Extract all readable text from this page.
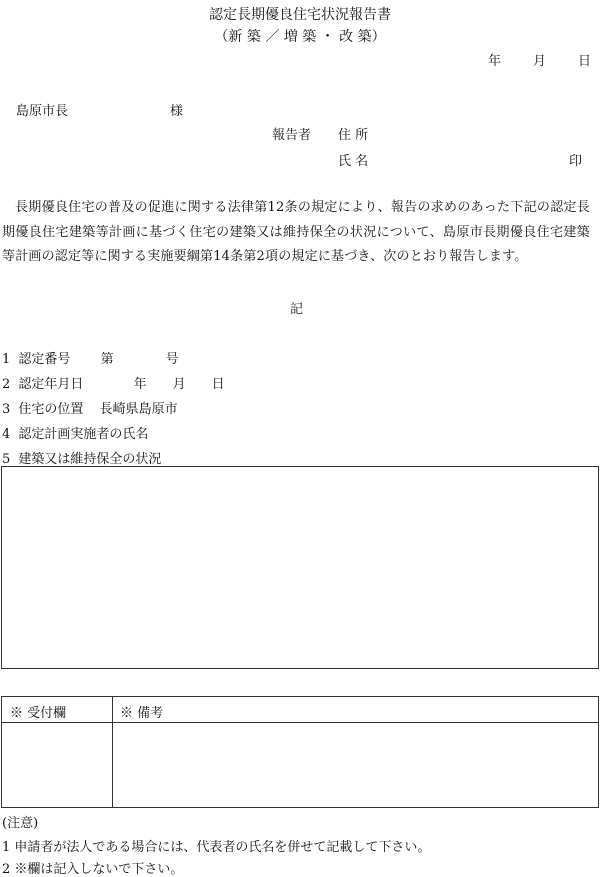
認定長期優良住宅状況報告書
（新 築 ／ 増 築 ・ 改 築）
年 月 日
島原市長	様
報告者 住 所
氏 名	印
長期優良住宅の普及の促進に関する法律第12条の規定により、報告の求めのあった下記の認定長期優良住宅建築等計画に基づく住宅の建築又は維持保全の状況について、島原市長期優良住宅建築等計画の認定等に関する実施要綱第14条第2項の規定に基づき、次のとおり報告します。
記
1 認定番号 第　　　　号
2 認定年月日	年　　月　　日
3 住宅の位置 長崎県島原市
4 認定計画実施者の氏名
5 建築又は維持保全の状況
※ 受付欄	※ 備考
(注意)
1 申請者が法人である場合には、代表者の氏名を併せて記載して下さい。
2 ※欄は記入しないで下さい。
